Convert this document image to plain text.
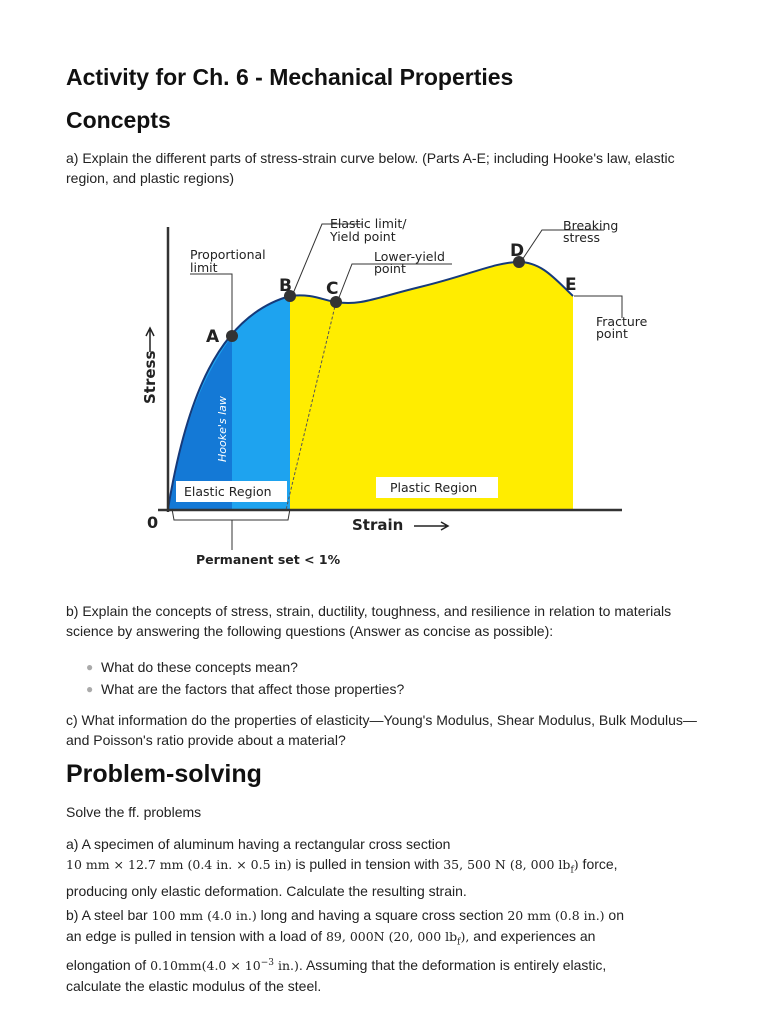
Activity for Ch. 6 - Mechanical Properties
Concepts

a) Explain the different parts of stress-strain curve below. (Parts A-E; including Hooke's law, elastic region, and plastic regions)

A
B C
D
E
0
Proportional
limit
Elastic limit/
Yield point
Lower-yield
point
Breaking
stress
Fracture
point
Stress
Strain
Hooke's law
Elastic Region	Plastic Region
Permanent set < 1%

b) Explain the concepts of stress, strain, ductility, toughness, and resilience in relation to materials science by answering the following questions (Answer as concise as possible):

● What do these concepts mean?
● What are the factors that affect those properties?

c) What information do the properties of elasticity—Young's Modulus, Shear Modulus, Bulk Modulus—and Poisson's ratio provide about a material?

Problem-solving

Solve the ff. problems

a) A specimen of aluminum having a rectangular cross section
10 mm × 12.7 mm (0.4 in. × 0.5 in) is pulled in tension with 35, 500 N (8, 000 $lb_f$) force,
producing only elastic deformation. Calculate the resulting strain.

b) A steel bar 100 mm (4.0 in.) long and having a square cross section 20 mm (0.8 in.) on
an edge is pulled in tension with a load of 89, 000N (20, 000 $lb_f$), and experiences an
elongation of $0.10mm(4.0 \times 10^{-3}$ in.). Assuming that the deformation is entirely elastic,
calculate the elastic modulus of the steel.
